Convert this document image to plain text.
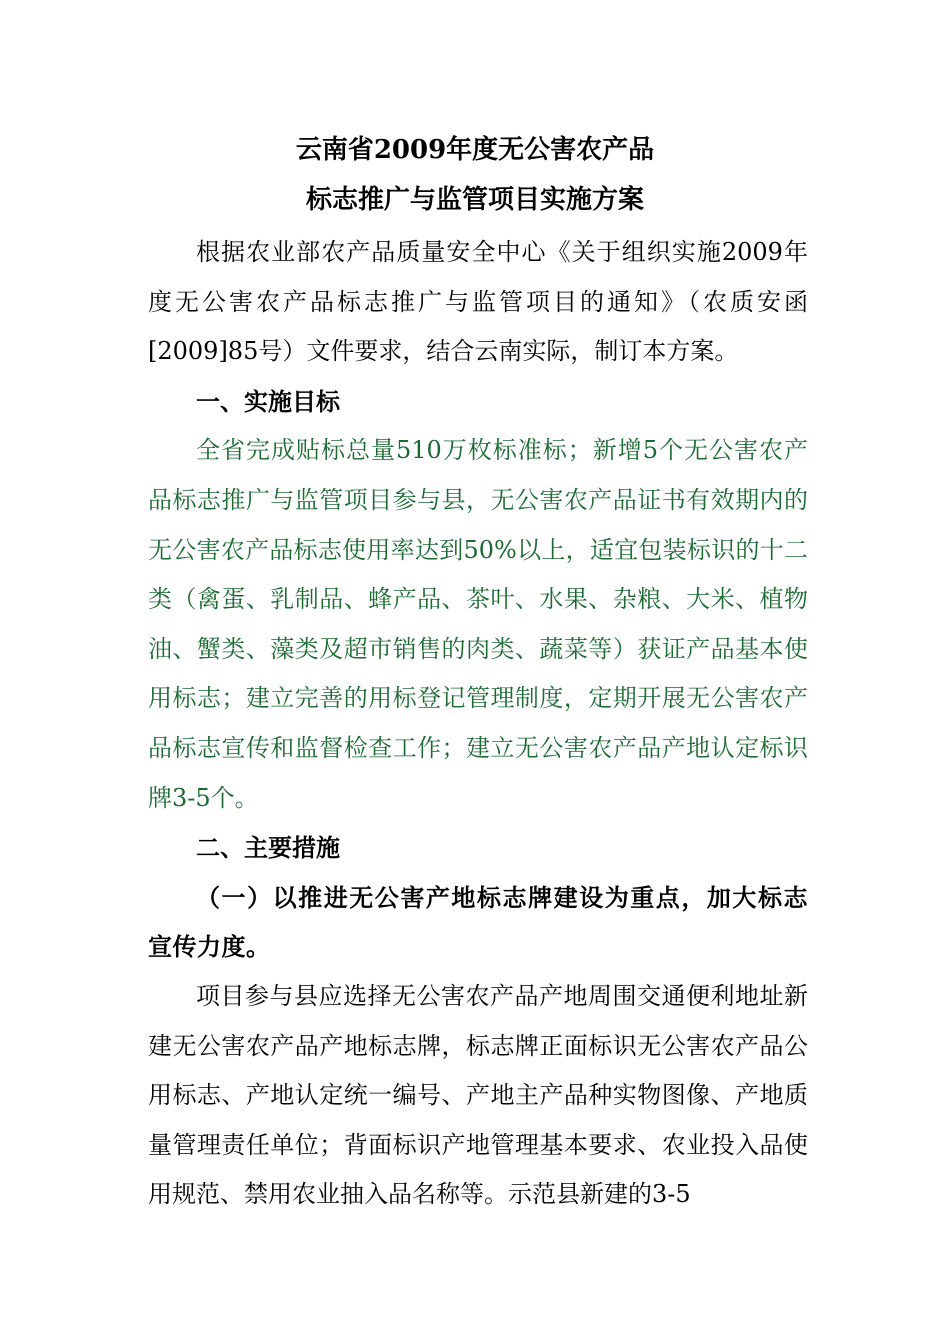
云南省2009年度无公害农产品
标志推广与监管项目实施方案

根据农业部农产品质量安全中心《关于组织实施2009年度无公害农产品标志推广与监管项目的通知》（农质安函[2009]85号）文件要求，结合云南实际，制订本方案。

一、实施目标

全省完成贴标总量510万枚标准标；新增5个无公害农产品标志推广与监管项目参与县，无公害农产品证书有效期内的无公害农产品标志使用率达到50%以上，适宜包装标识的十二类（禽蛋、乳制品、蜂产品、茶叶、水果、杂粮、大米、植物油、蟹类、藻类及超市销售的肉类、蔬菜等）获证产品基本使用标志；建立完善的用标登记管理制度，定期开展无公害农产品标志宣传和监督检查工作；建立无公害农产品产地认定标识牌3-5个。

二、主要措施

（一）以推进无公害产地标志牌建设为重点，加大标志宣传力度。

项目参与县应选择无公害农产品产地周围交通便利地址新建无公害农产品产地标志牌，标志牌正面标识无公害农产品公用标志、产地认定统一编号、产地主产品种实物图像、产地质量管理责任单位；背面标识产地管理基本要求、农业投入品使用规范、禁用农业抽入品名称等。示范县新建的3-5
